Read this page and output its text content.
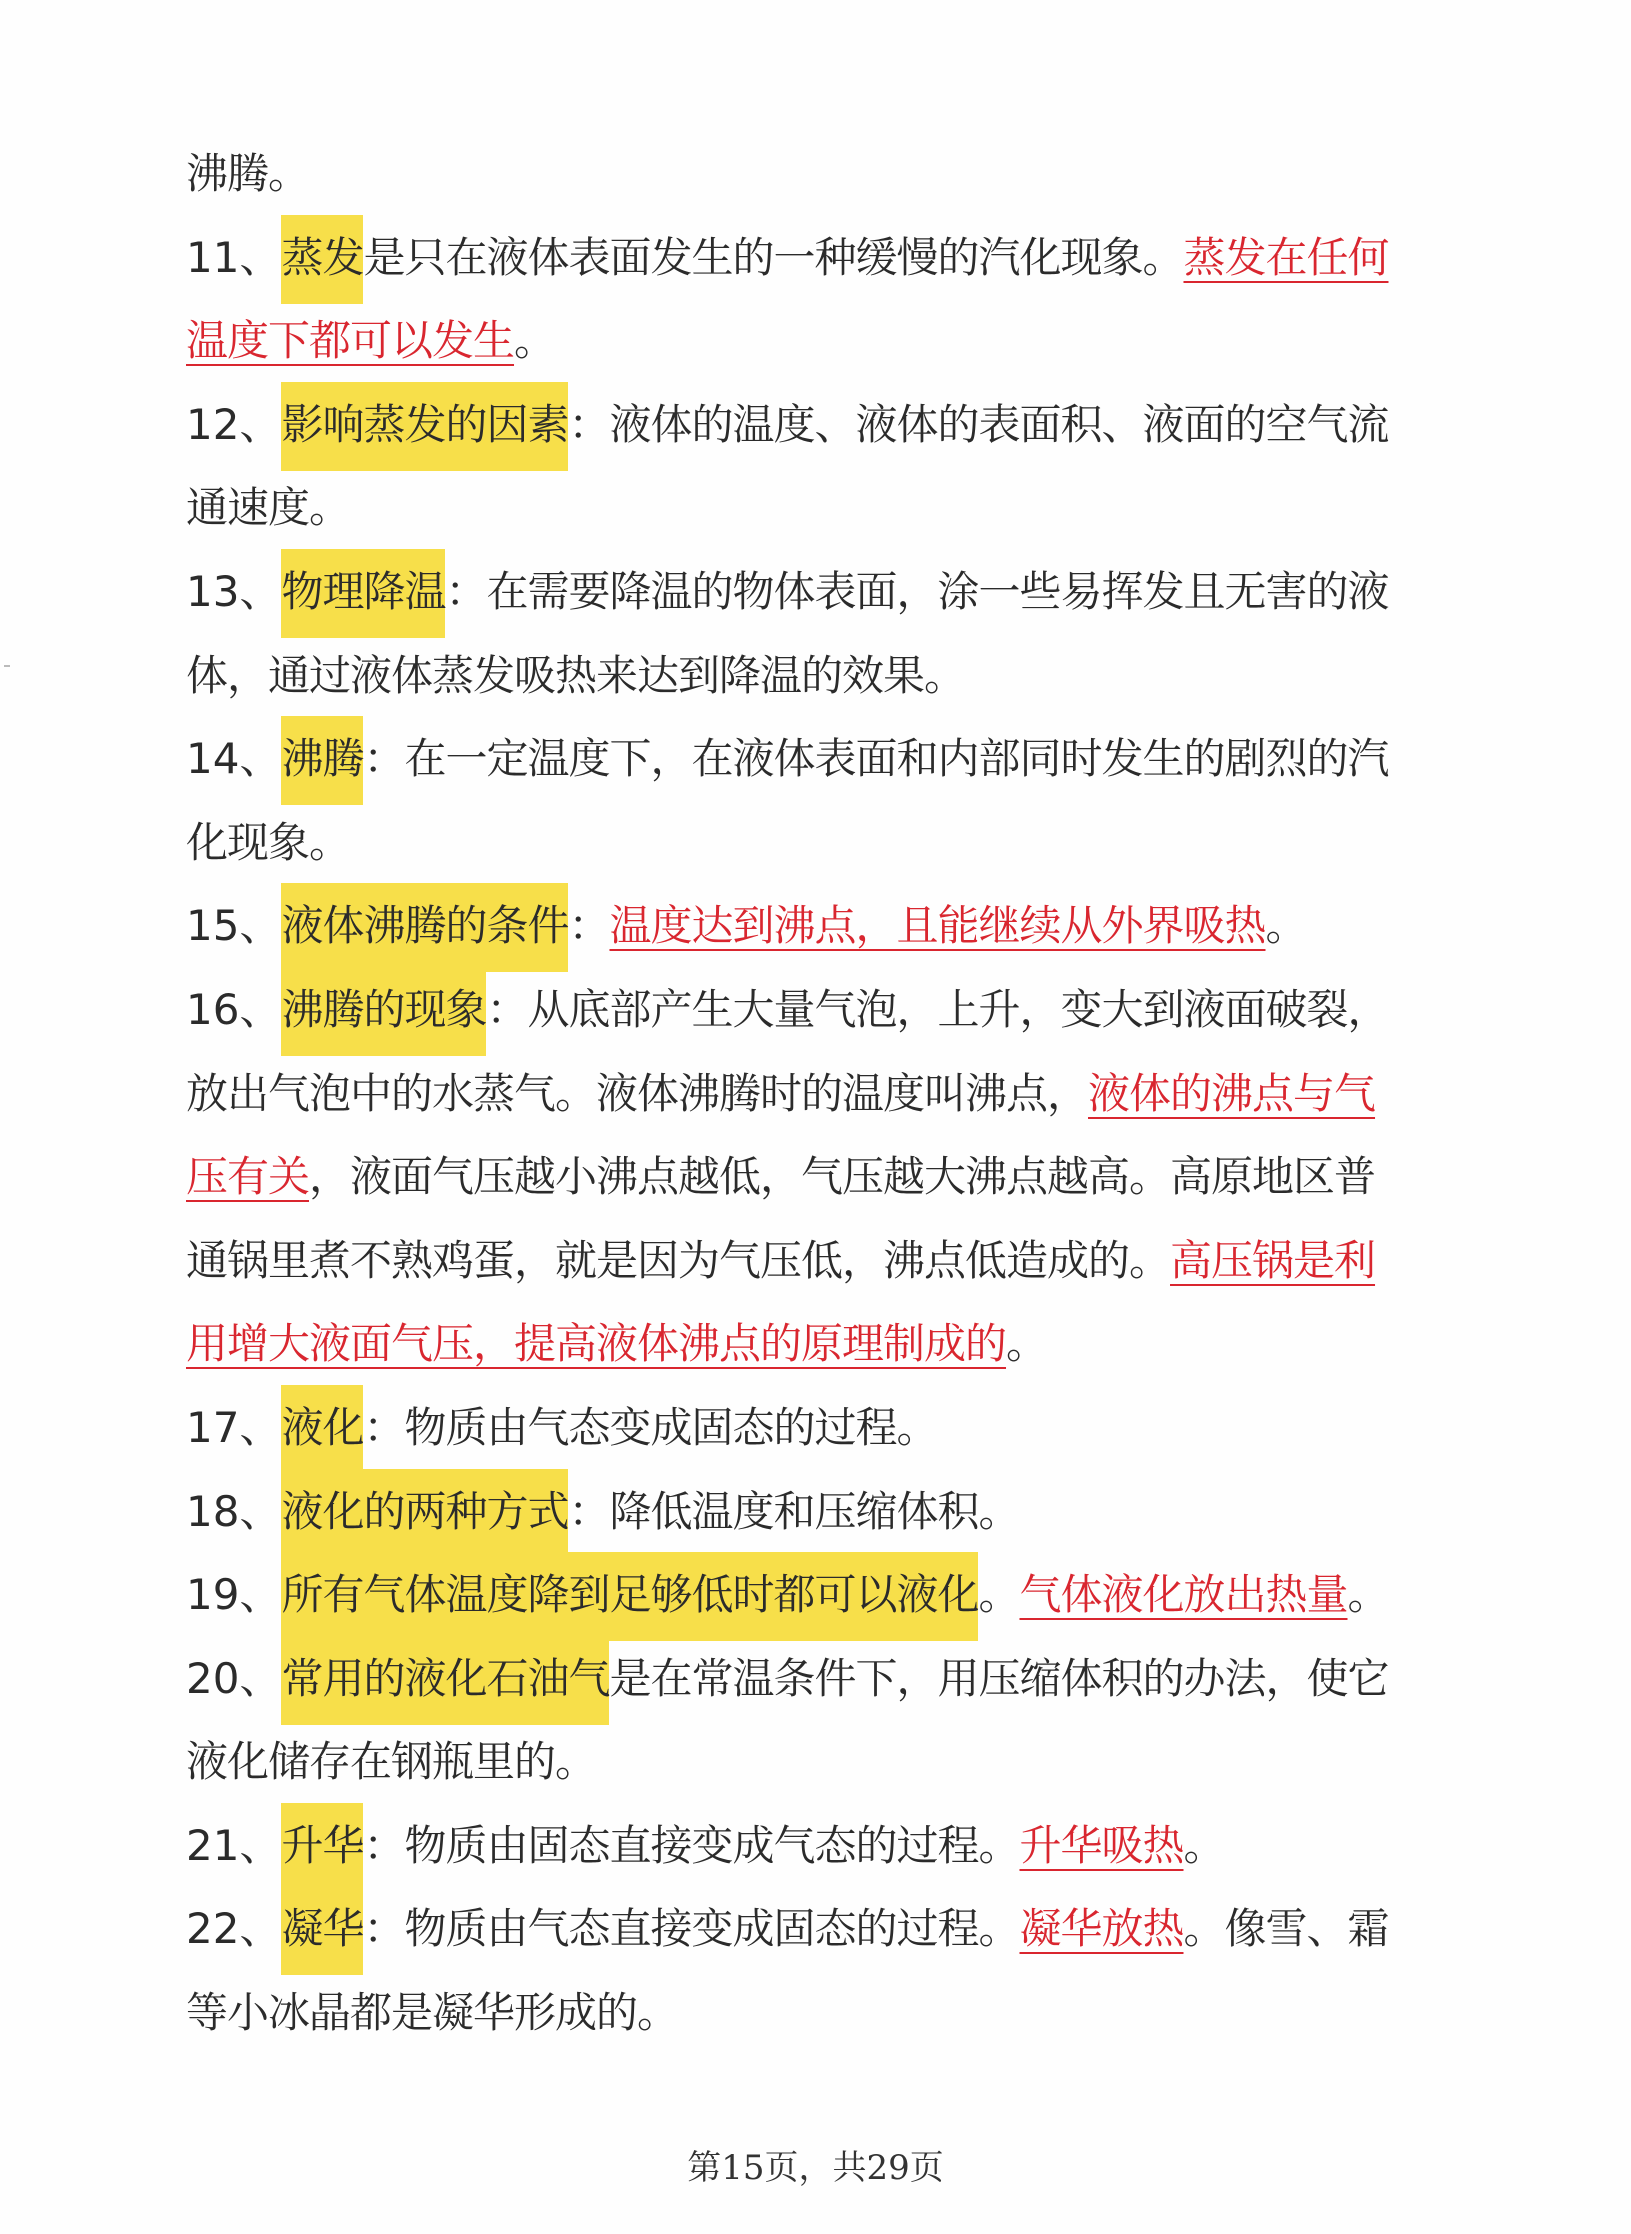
沸腾。
11、蒸发是只在液体表面发生的一种缓慢的汽化现象。蒸发在任何
温度下都可以发生。
12、影响蒸发的因素：液体的温度、液体的表面积、液面的空气流
通速度。
13、物理降温：在需要降温的物体表面，涂一些易挥发且无害的液
体，通过液体蒸发吸热来达到降温的效果。
14、沸腾：在一定温度下，在液体表面和内部同时发生的剧烈的汽
化现象。
15、液体沸腾的条件：温度达到沸点，且能继续从外界吸热。
16、沸腾的现象：从底部产生大量气泡，上升，变大到液面破裂，
放出气泡中的水蒸气。液体沸腾时的温度叫沸点，液体的沸点与气
压有关，液面气压越小沸点越低，气压越大沸点越高。高原地区普
通锅里煮不熟鸡蛋，就是因为气压低，沸点低造成的。高压锅是利
用增大液面气压，提高液体沸点的原理制成的。
17、液化：物质由气态变成固态的过程。
18、液化的两种方式：降低温度和压缩体积。
19、所有气体温度降到足够低时都可以液化。气体液化放出热量。
20、常用的液化石油气是在常温条件下，用压缩体积的办法，使它
液化储存在钢瓶里的。
21、升华：物质由固态直接变成气态的过程。升华吸热。
22、凝华：物质由气态直接变成固态的过程。凝华放热。像雪、霜
等小冰晶都是凝华形成的。
第15页，共29页
